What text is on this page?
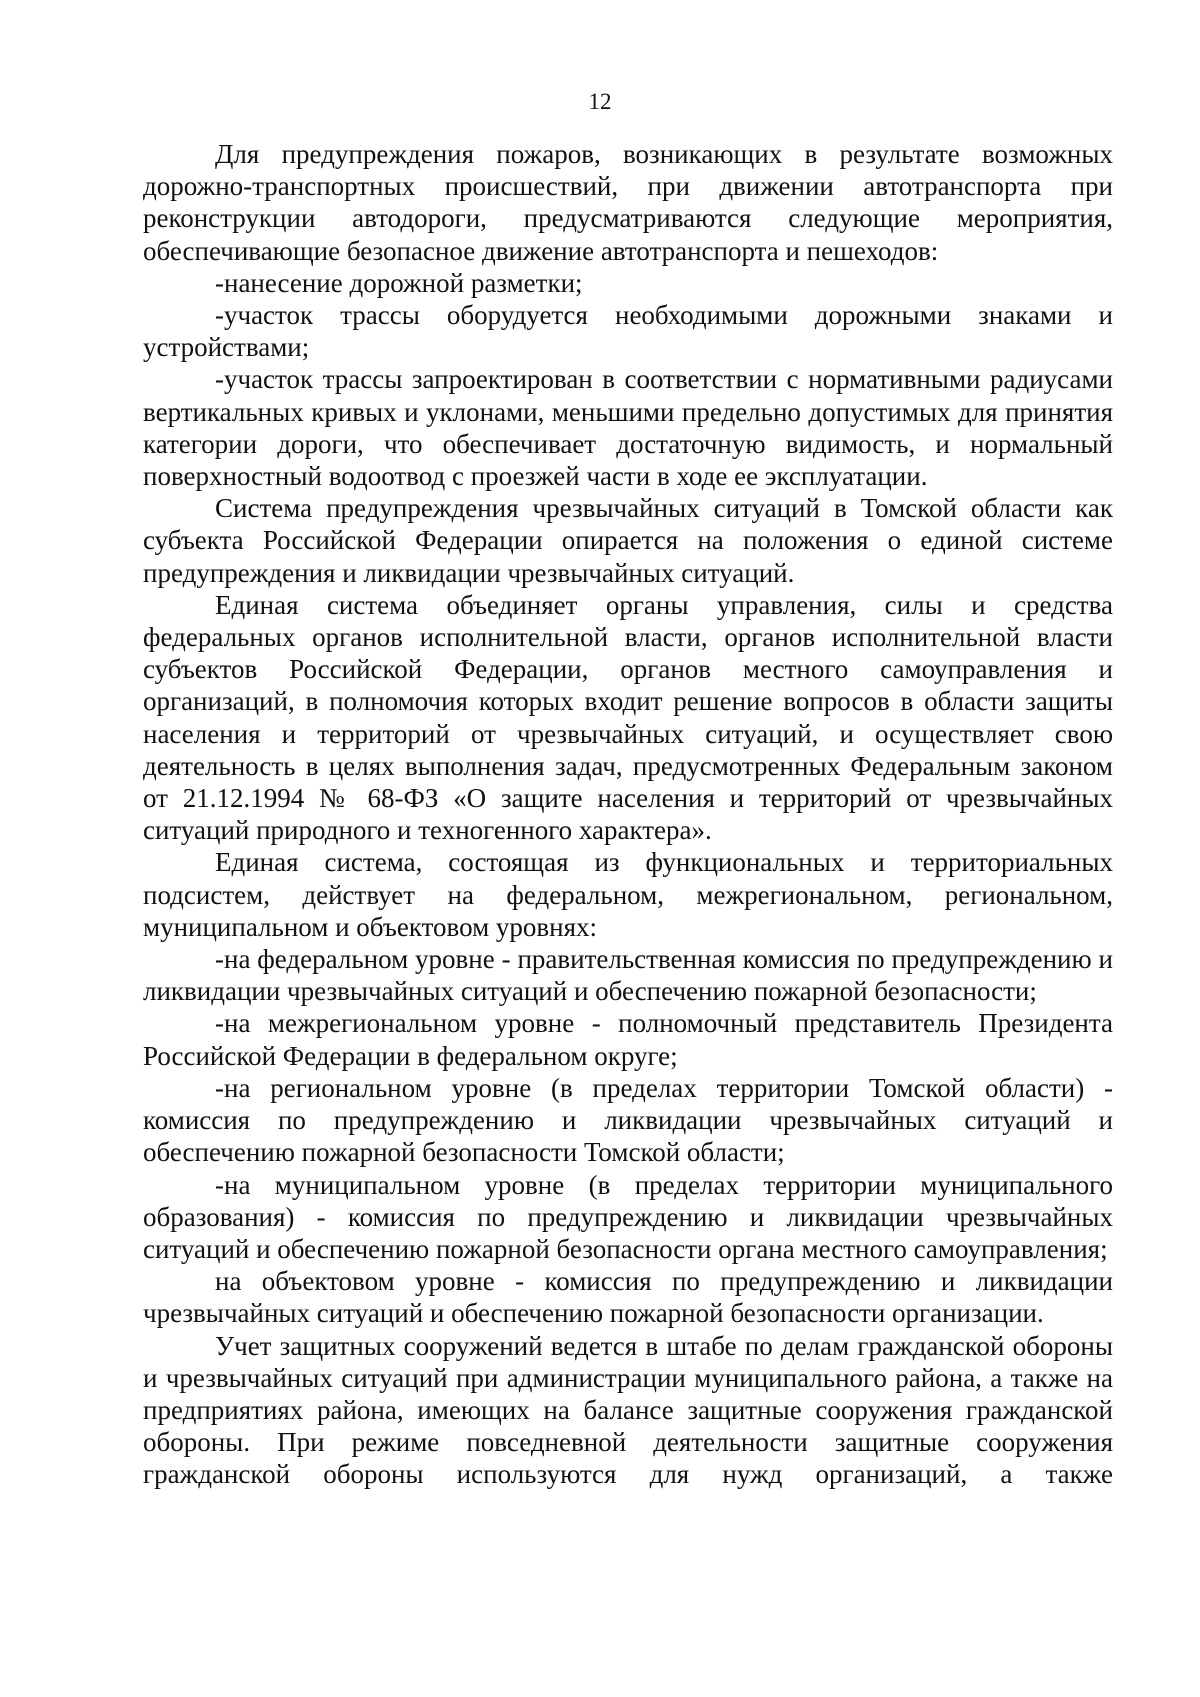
12

Для предупреждения пожаров, возникающих в результате возможных дорожно-транспортных происшествий, при движении автотранспорта при реконструкции автодороги, предусматриваются следующие мероприятия, обеспечивающие безопасное движение автотранспорта и пешеходов:

-нанесение дорожной разметки;

-участок трассы оборудуется необходимыми дорожными знаками и устройствами;

-участок трассы запроектирован в соответствии с нормативными радиусами вертикальных кривых и уклонами, меньшими предельно допустимых для принятия категории дороги, что обеспечивает достаточную видимость, и нормальный поверхностный водоотвод с проезжей части в ходе ее эксплуатации.

Система предупреждения чрезвычайных ситуаций в Томской области как субъекта Российской Федерации опирается на положения о единой системе предупреждения и ликвидации чрезвычайных ситуаций.

Единая система объединяет органы управления, силы и средства федеральных органов исполнительной власти, органов исполнительной власти субъектов Российской Федерации, органов местного самоуправления и организаций, в полномочия которых входит решение вопросов в области защиты населения и территорий от чрезвычайных ситуаций, и осуществляет свою деятельность в целях выполнения задач, предусмотренных Федеральным законом от 21.12.1994 № 68-ФЗ «О защите населения и территорий от чрезвычайных ситуаций природного и техногенного характера».

Единая система, состоящая из функциональных и территориальных подсистем, действует на федеральном, межрегиональном, региональном, муниципальном и объектовом уровнях:

-на федеральном уровне - правительственная комиссия по предупреждению и ликвидации чрезвычайных ситуаций и обеспечению пожарной безопасности;

-на межрегиональном уровне - полномочный представитель Президента Российской Федерации в федеральном округе;

-на региональном уровне (в пределах территории Томской области) - комиссия по предупреждению и ликвидации чрезвычайных ситуаций и обеспечению пожарной безопасности Томской области;

-на муниципальном уровне (в пределах территории муниципального образования) - комиссия по предупреждению и ликвидации чрезвычайных ситуаций и обеспечению пожарной безопасности органа местного самоуправления;

на объектовом уровне - комиссия по предупреждению и ликвидации чрезвычайных ситуаций и обеспечению пожарной безопасности организации.

Учет защитных сооружений ведется в штабе по делам гражданской обороны и чрезвычайных ситуаций при администрации муниципального района, а также на предприятиях района, имеющих на балансе защитные сооружения гражданской обороны. При режиме повседневной деятельности защитные сооружения гражданской обороны используются для нужд организаций, а также
